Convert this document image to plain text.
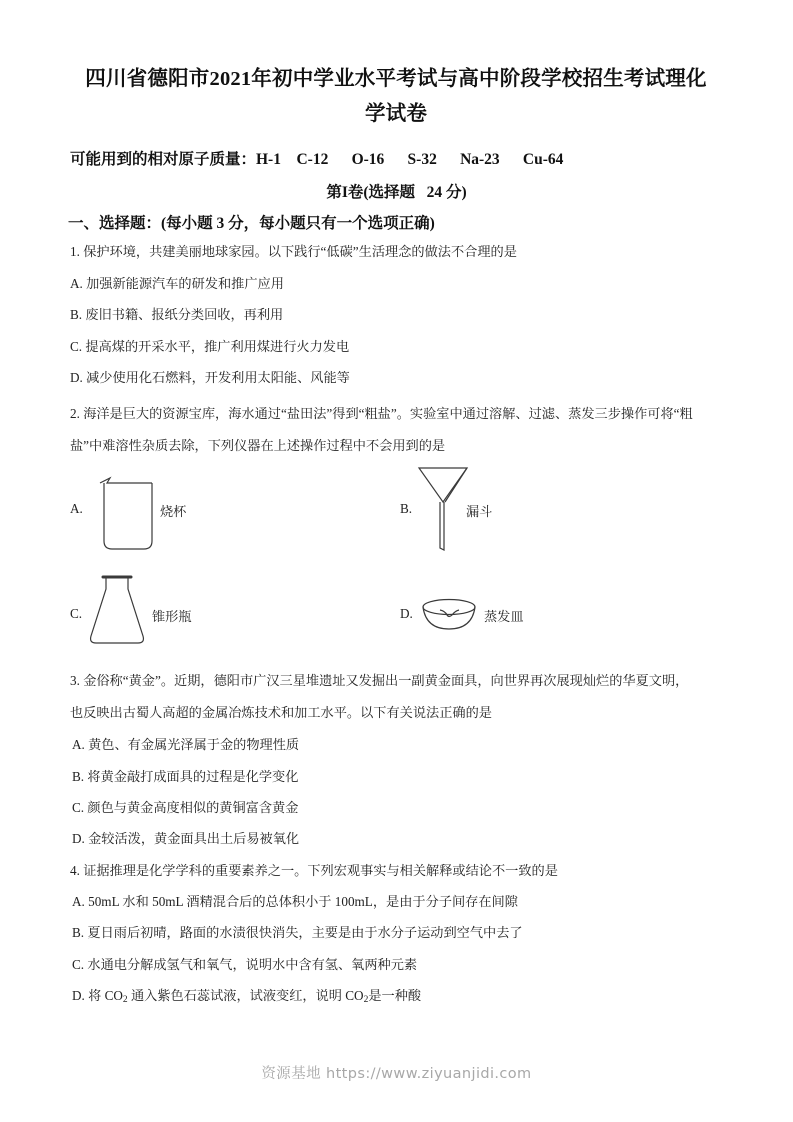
四川省德阳市2021年初中学业水平考试与高中阶段学校招生考试理化
学试卷
可能用到的相对原子质量：H-1    C-12      O-16      S-32      Na-23      Cu-64
第I卷(选择题   24 分)
一、选择题：(每小题 3 分，每小题只有一个选项正确)
1. 保护环境，共建美丽地球家园。以下践行“低碳”生活理念的做法不合理的是
A. 加强新能源汽车的研发和推广应用
B. 废旧书籍、报纸分类回收，再利用
C. 提高煤的开采水平，推广利用煤进行火力发电
D. 减少使用化石燃料，开发利用太阳能、风能等
2. 海洋是巨大的资源宝库，海水通过“盐田法”得到“粗盐”。实验室中通过溶解、过滤、蒸发三步操作可将“粗
盐”中难溶性杂质去除，下列仪器在上述操作过程中不会用到的是
A.	烧杯	B.	漏斗
C.	锥形瓶	D.	蒸发皿
3. 金俗称“黄金”。近期，德阳市广汉三星堆遗址又发掘出一副黄金面具，向世界再次展现灿烂的华夏文明，
也反映出古蜀人高超的金属冶炼技术和加工水平。以下有关说法正确的是
A. 黄色、有金属光泽属于金的物理性质
B. 将黄金敲打成面具的过程是化学变化
C. 颜色与黄金高度相似的黄铜富含黄金
D. 金较活泼，黄金面具出土后易被氧化
4. 证据推理是化学学科的重要素养之一。下列宏观事实与相关解释或结论不一致的是
A. 50mL 水和 50mL 酒精混合后的总体积小于 100mL，是由于分子间存在间隙
B. 夏日雨后初晴，路面的水渍很快消失，主要是由于水分子运动到空气中去了
C. 水通电分解成氢气和氧气，说明水中含有氢、氧两种元素
D. 将 $CO_2$ 通入紫色石蕊试液，试液变红，说明 $CO_2$是一种酸
资源基地 https://www.ziyuanjidi.com
